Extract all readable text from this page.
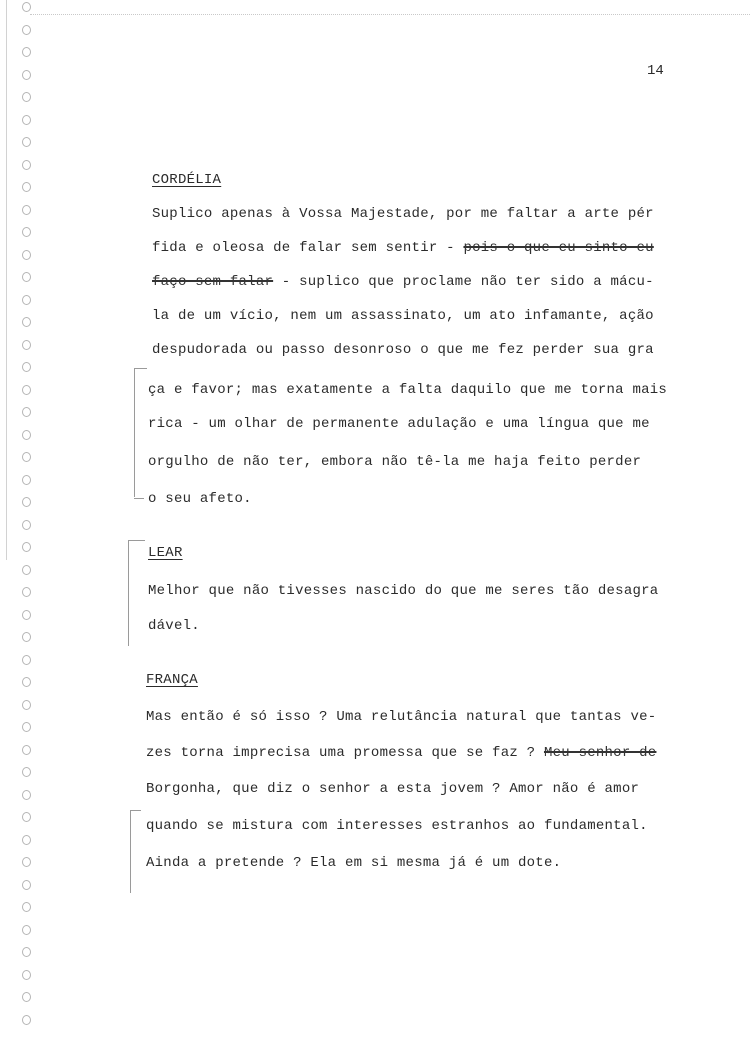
14
CORDÉLIA
Suplico apenas à Vossa Majestade, por me faltar a arte pér
fida e oleosa de falar sem sentir - pois o que eu sinto eu
faço sem falar - suplico que proclame não ter sido a mácu-
la de um vício, nem um assassinato, um ato infamante, ação
despudorada ou passo desonroso o que me fez perder sua gra
ça e favor; mas exatamente a falta daquilo que me torna mais
rica - um olhar de permanente adulação e uma língua que me
orgulho de não ter, embora não tê-la me haja feito perder
o seu afeto.
LEAR
Melhor que não tivesses nascido do que me seres tão desagra
dável.
FRANÇA
Mas então é só isso ? Uma relutância natural que tantas ve-
zes torna imprecisa uma promessa que se faz ? Meu senhor de
Borgonha, que diz o senhor a esta jovem ? Amor não é amor
quando se mistura com interesses estranhos ao fundamental.
Ainda a pretende ? Ela em si mesma já é um dote.
